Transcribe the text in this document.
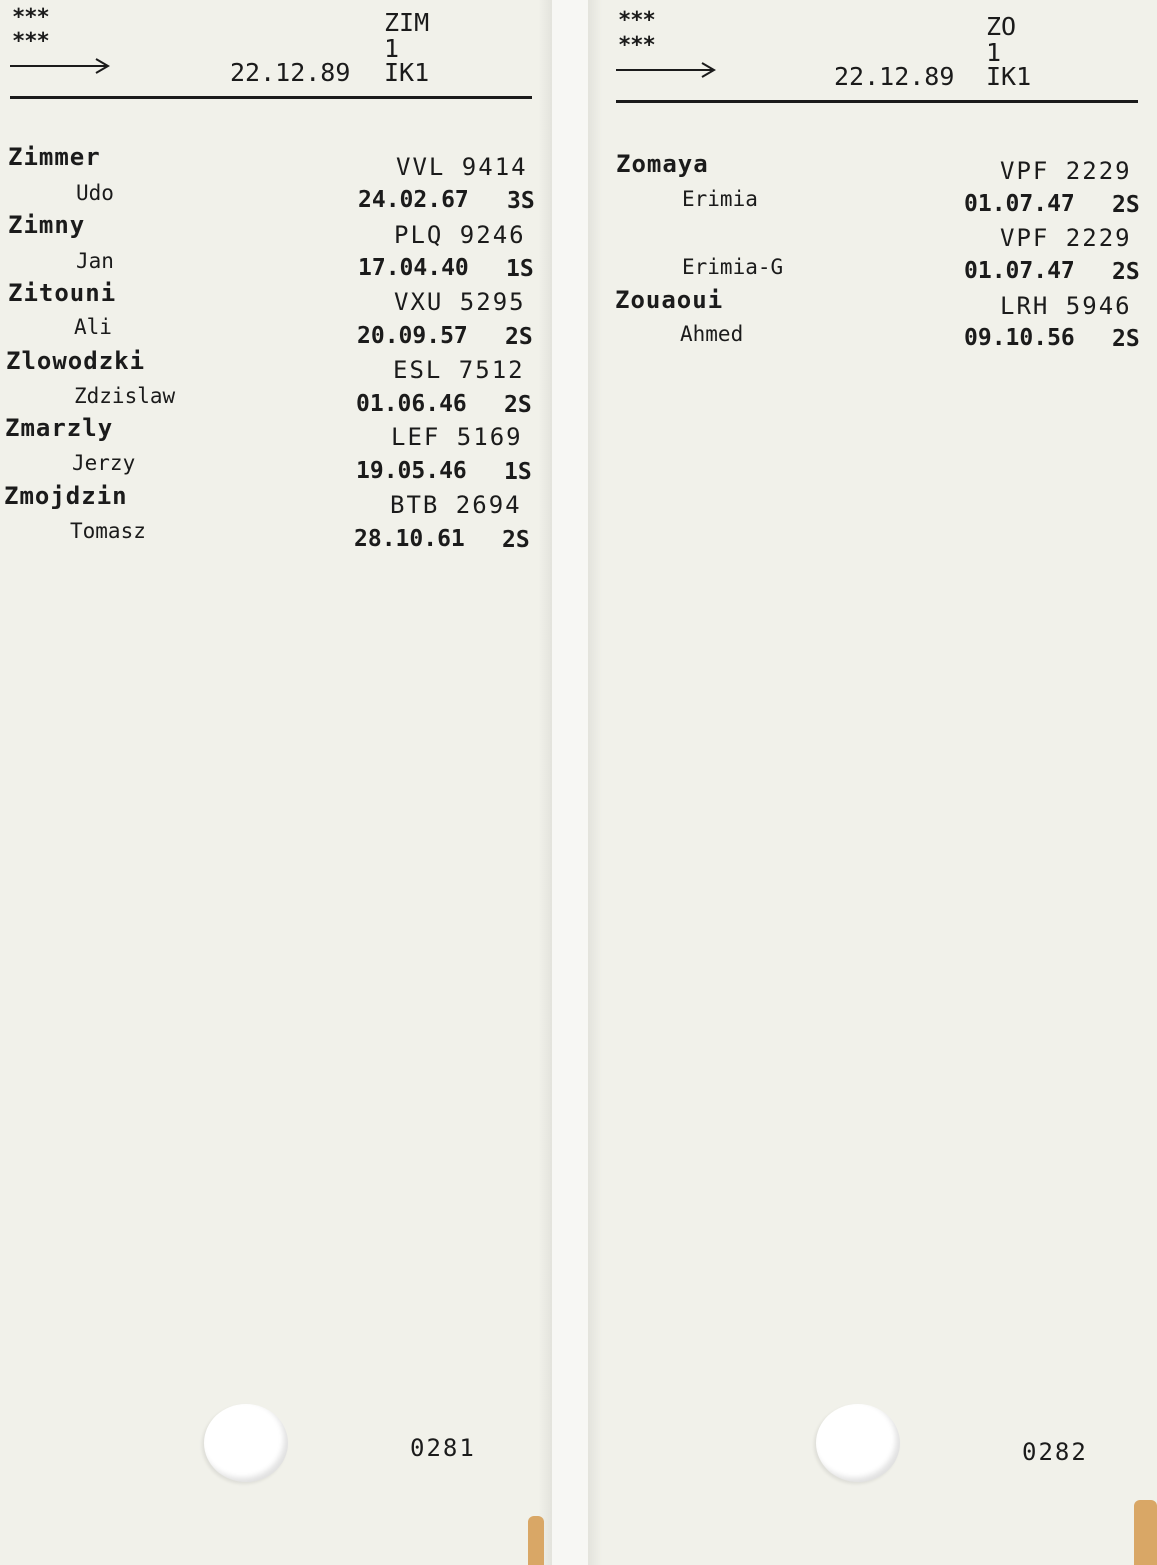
***
***
ZIM
1
22.12.89 IK1
Zimmer	VVL 9414
Udo	24.02.67 3S
Zimny	PLQ 9246
Jan	17.04.40 1S
Zitouni	VXU 5295
Ali	20.09.57 2S
Zlowodzki	ESL 7512
Zdzislaw	01.06.46 2S
Zmarzly	LEF 5169
Jerzy	19.05.46 1S
Zmojdzin	BTB 2694
Tomasz	28.10.61 2S
0281
***
***
ZO
1
22.12.89 IK1
Zomaya	VPF 2229
Erimia	01.07.47 2S
VPF 2229
Erimia-G	01.07.47 2S
Zouaoui	LRH 5946
Ahmed	09.10.56 2S
0282
